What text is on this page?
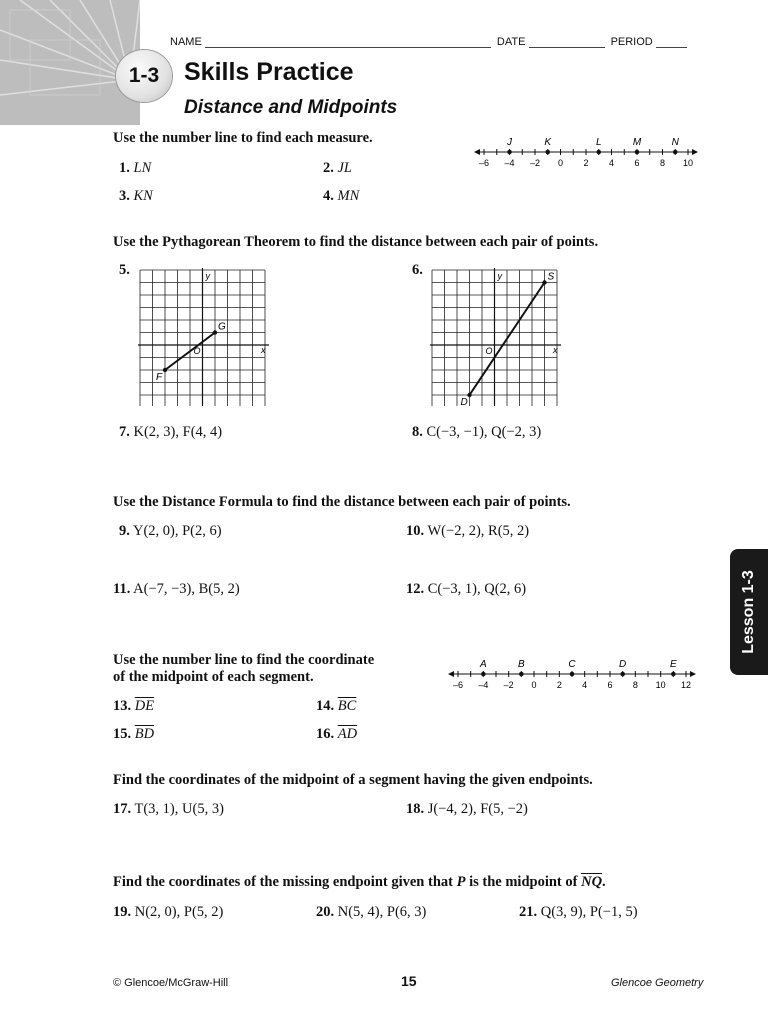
NAME	DATE	PERIOD
1-3 Skills Practice
Distance and Midpoints
Use the number line to find each measure.
1. LN	2. JL
3. KN	4. MN
–6 –4 –2 0 2 4 6 8 10
J	K	L	M	N
Use the Pythagorean Theorem to find the distance between each pair of points.
5.	6.
y
x
O
F
G
y
x
O
D
S
7. K(2, 3), F(4, 4)	8. C(−3, −1), Q(−2, 3)
Use the Distance Formula to find the distance between each pair of points.
9. Y(2, 0), P(2, 6)	10. W(−2, 2), R(5, 2)
11. A(−7, −3), B(5, 2)	12. C(−3, 1), Q(2, 6)	Lesson 1-3
Use the number line to find the coordinate
of the midpoint of each segment.	–6 –4 –2 0 2 4 6 8 10 12
A	B	C	D	E
13. $\overline{DE}$	14. $\overline{BC}$
15. $\overline{BD}$	16. $\overline{AD}$
Find the coordinates of the midpoint of a segment having the given endpoints.
17. T(3, 1), U(5, 3)	18. J(−4, 2), F(5, −2)
Find the coordinates of the missing endpoint given that P is the midpoint of $\overline{NQ}$.
19. N(2, 0), P(5, 2)	20. N(5, 4), P(6, 3)	21. Q(3, 9), P(−1, 5)
© Glencoe/McGraw-Hill	15	Glencoe Geometry
